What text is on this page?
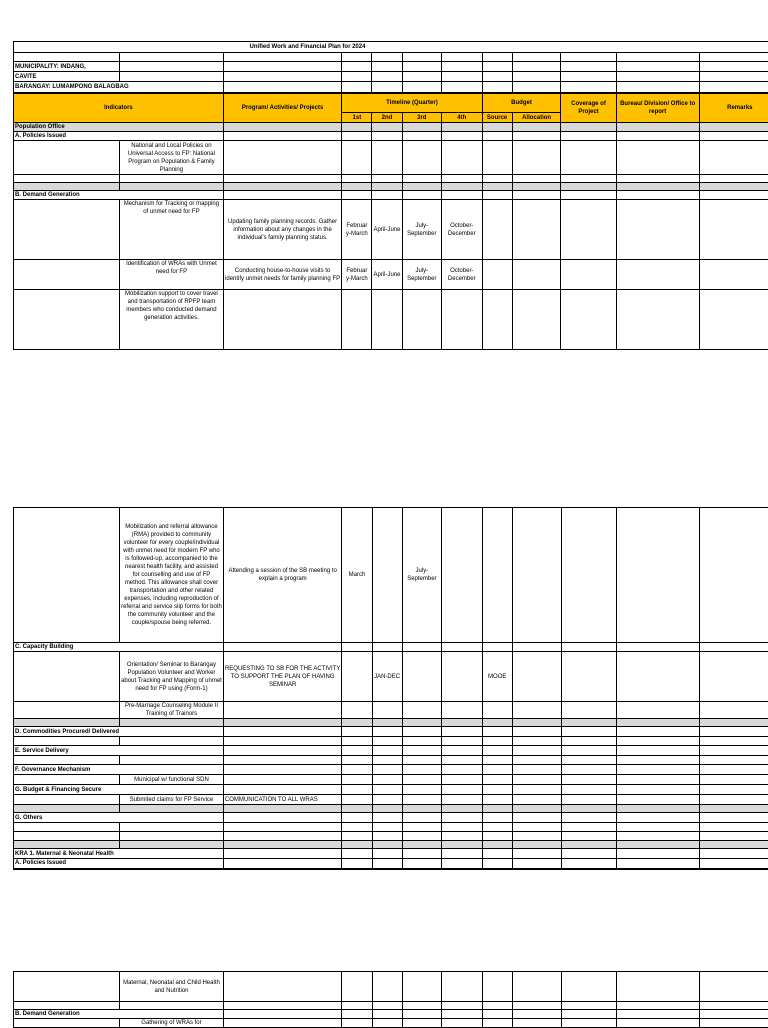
Unified Work and Financial Plan for 2024											

MUNICIPALITY: INDANG,											
CAVITE											
BARANGAY: LUMAMPONG BALAGBAG											
Indicators		Program/ Activities/ Projects	Timeline (Quarter)				Budget		Coverage of Project	Bureau/ Division/ Office to report	Remarks
			1st	2nd	3rd	4th	Source	Allocation			
Population Office											
A. Policies Issued											
	National and Local Policies on Universal Access to FP: National Program on Population & Family Planning										

B. Demand Generation											
	Mechanism for Tracking or mapping of unmet need for FP	Updating family planning records. Gather information about any changes in the individual's family planning status.	Februar y-March	April-June	July-September	October-December					
	Identification of WRAs with Unmet need for FP	Conducting house-to-house visits to identify unmet needs for family planning FP	Februar y-March	April-June	July-September	October-December					
	Mobilization support to cover travel and transportation of RPFP team members who conducted demand generation activities.										
	Mobilization and referral allowance (RMA) provided to community volunteer for every couple/individual with unmet need for modern FP who is followed-up, accompanied to the nearest health facility, and assisted for counselling and use of FP method. This allowance shall cover transportation and other related expenses, including reproduction of referral and service slip forms for both the community volunteer and the couple/spouse being referred.	Attending a session of the SB meeting to explain a program	March		July-September						
C. Capacity Building											
	Orientation/ Seminar to Barangay Population Volunteer and Worker about Tracking and Mapping of unmet need for FP using (Form-1)	REQUESTING TO SB FOR THE ACTIVITY TO SUPPORT THE PLAN OF HAVING SEMINAR		JAN-DEC			MOOE				
	Pre-Marriage Counseling Module II Training of Trainors										

D. Commodities Procured/ Delivered											

E. Service Delivery											

F. Governance Mechanism											
	Municipal w/ functional SDN										
G. Budget & Financing Secure											
	Submited claims for FP Service	COMMUNICATION TO ALL WRAS									

G. Others											

KRA 1. Maternal & Neonatal Health											
A. Policies Issued											
	Maternal, Neonatal and Child Health and Nutrition										

B. Demand Generation											
	Gathering of WRAs for										
